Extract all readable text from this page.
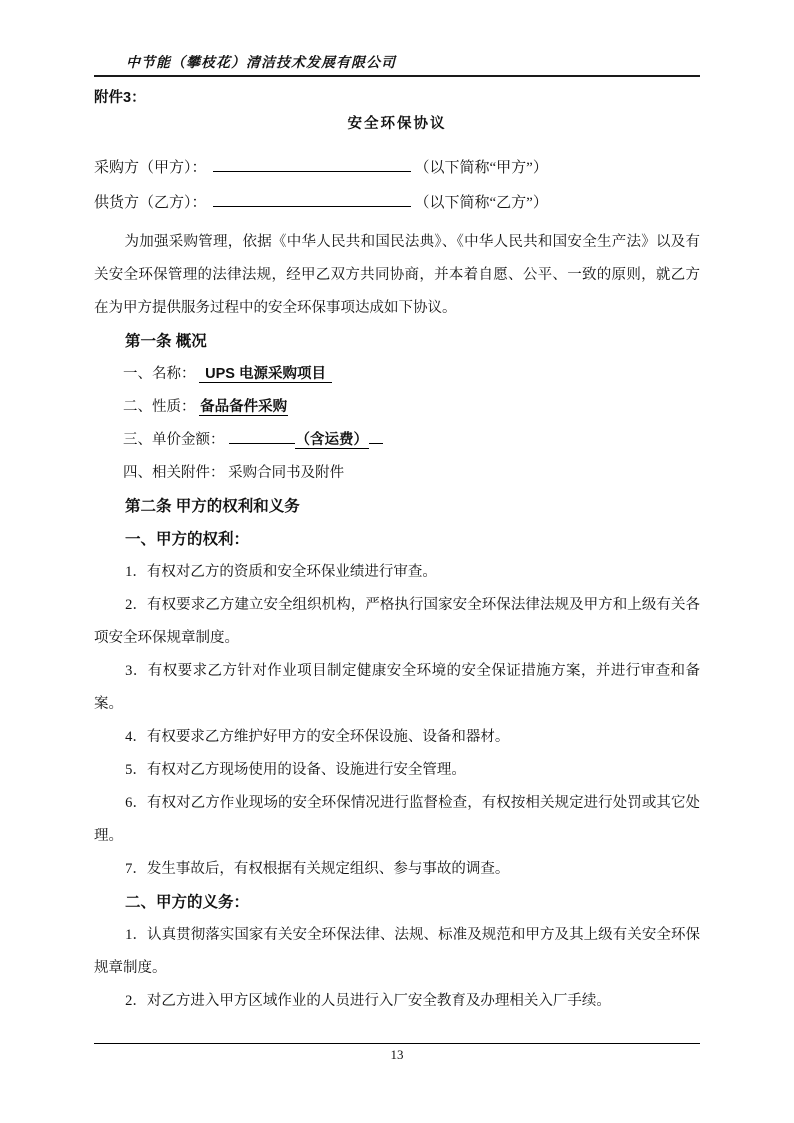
中节能（攀枝花）清洁技术发展有限公司

附件3：

安全环保协议

采购方（甲方）：	（以下简称“甲方”）

供货方（乙方）：	（以下简称“乙方”）

为加强采购管理，依据《中华人民共和国民法典》、《中华人民共和国安全生产法》以及有关安全环保管理的法律法规，经甲乙双方共同协商，并本着自愿、公平、一致的原则，就乙方在为甲方提供服务过程中的安全环保事项达成如下协议。

第一条 概况

一、名称： UPS 电源采购项目

二、性质： 备品备件采购

三、单价金额：	（含运费）

四、相关附件： 采购合同书及附件

第二条 甲方的权利和义务

一、甲方的权利：

1．有权对乙方的资质和安全环保业绩进行审查。

2．有权要求乙方建立安全组织机构，严格执行国家安全环保法律法规及甲方和上级有关各项安全环保规章制度。

3．有权要求乙方针对作业项目制定健康安全环境的安全保证措施方案，并进行审查和备案。

4．有权要求乙方维护好甲方的安全环保设施、设备和器材。

5．有权对乙方现场使用的设备、设施进行安全管理。

6．有权对乙方作业现场的安全环保情况进行监督检查，有权按相关规定进行处罚或其它处理。

7．发生事故后，有权根据有关规定组织、参与事故的调查。

二、甲方的义务：

1．认真贯彻落实国家有关安全环保法律、法规、标准及规范和甲方及其上级有关安全环保规章制度。

2．对乙方进入甲方区域作业的人员进行入厂安全教育及办理相关入厂手续。

13
